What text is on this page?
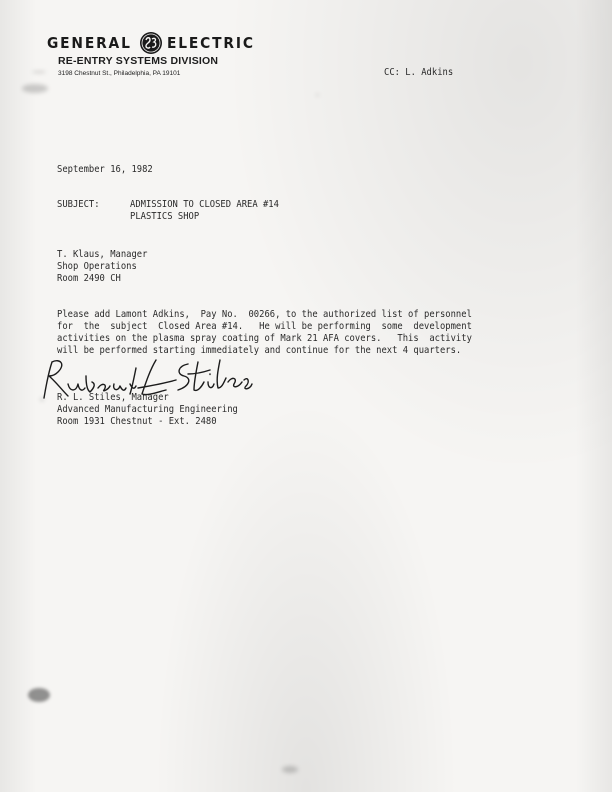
GENERAL ELECTRIC
RE-ENTRY SYSTEMS DIVISION
3198 Chestnut St., Philadelphia, PA 19101	CC: L. Adkins
September 16, 1982
SUBJECT:	ADMISSION TO CLOSED AREA #14
PLASTICS SHOP
T. Klaus, Manager
Shop Operations
Room 2490 CH
Please add Lamont Adkins,  Pay No.  00266, to the authorized list of personnel
for  the  subject  Closed Area #14.   He will be performing  some  development
activities on the plasma spray coating of Mark 21 AFA covers.   This  activity
will be performed starting immediately and continue for the next 4 quarters.
R. L. Stiles, Manager
Advanced Manufacturing Engineering
Room 1931 Chestnut - Ext. 2480
